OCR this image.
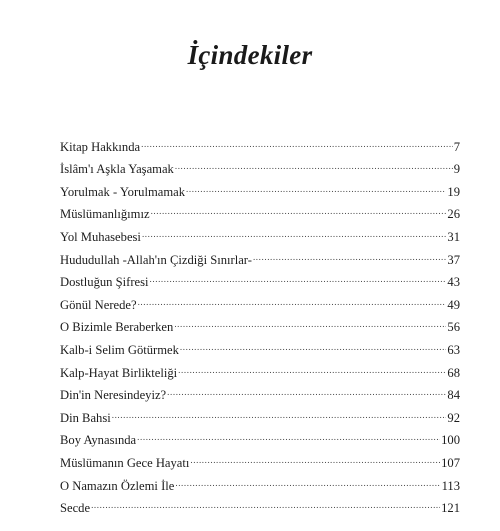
İçindekiler
Kitap Hakkında .....	7
İslâm'ı Aşkla Yaşamak .....	9
Yorulmak - Yorulmamak .....	19
Müslümanlığımız .....	26
Yol Muhasebesi .....	31
Hududullah -Allah'ın Çizdiği Sınırlar- .....	37
Dostluğun Şifresi .....	43
Gönül Nerede? .....	49
O Bizimle Beraberken .....	56
Kalb-i Selim Götürmek .....	63
Kalp-Hayat Birlikteliği .....	68
Din'in Neresindeyiz? .....	84
Din Bahsi .....	92
Boy Aynasında .....	100
Müslümanın Gece Hayatı .....	107
O Namazın Özlemi İle .....	113
Secde .....	121
